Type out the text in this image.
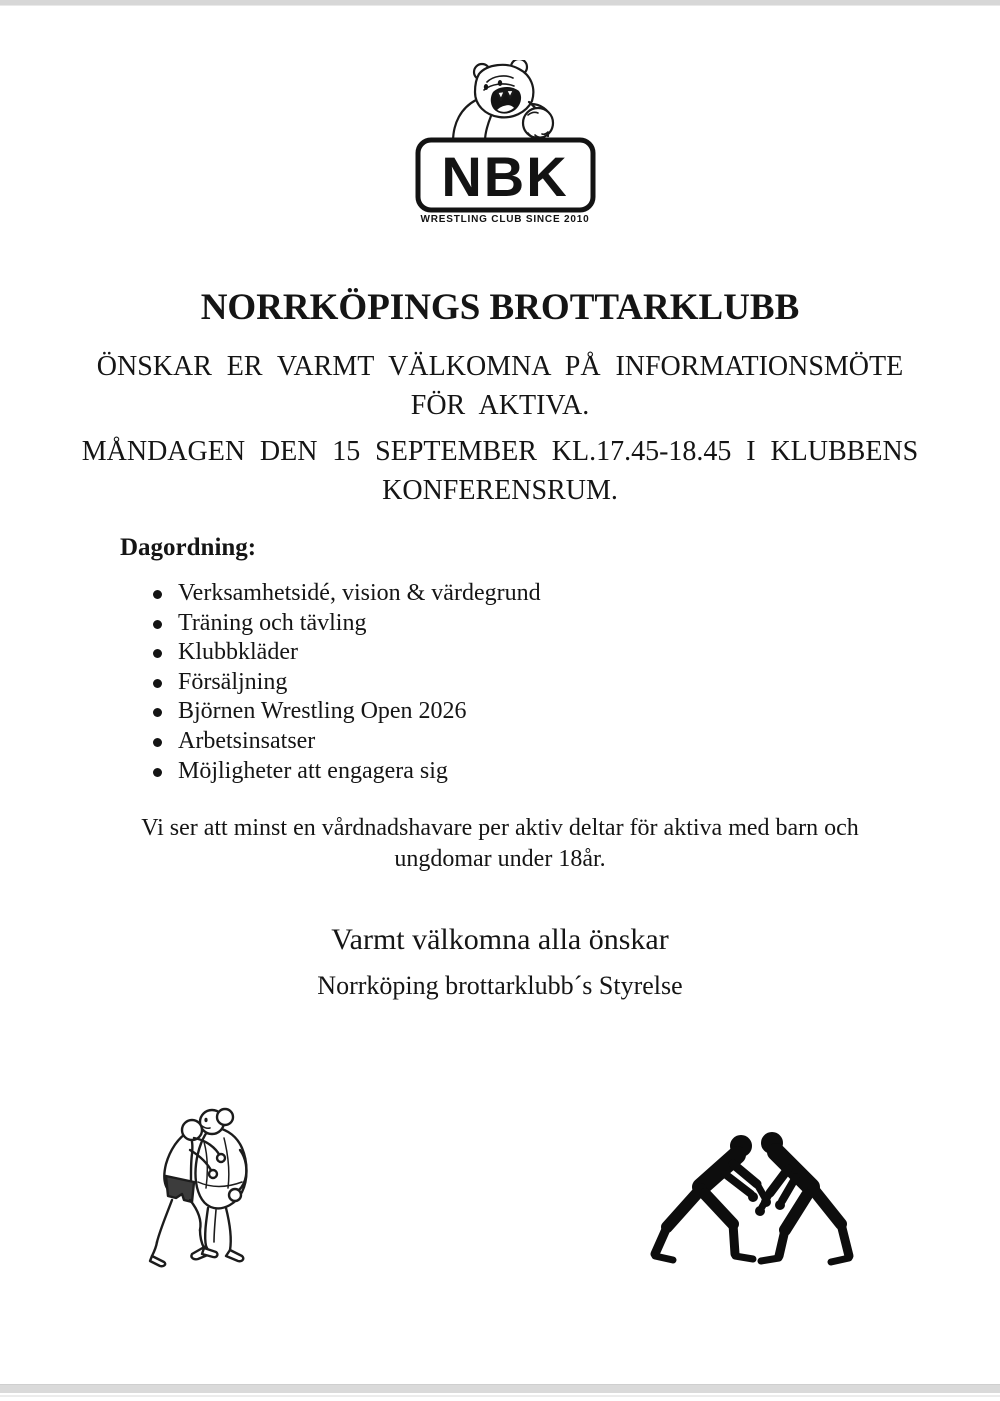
NBK
WRESTLING CLUB SINCE 2010
NORRKÖPINGS BROTTARKLUBB
ÖNSKAR ER VARMT VÄLKOMNA PÅ INFORMATIONSMÖTE
FÖR AKTIVA.
MÅNDAGEN DEN 15 SEPTEMBER KL.17.45-18.45 I KLUBBENS
KONFERENSRUM.
Dagordning:
Verksamhetsidé, vision & värdegrund
Träning och tävling
Klubbkläder
Försäljning
Björnen Wrestling Open 2026
Arbetsinsatser
Möjligheter att engagera sig
Vi ser att minst en vårdnadshavare per aktiv deltar för aktiva med barn och
ungdomar under 18år.
Varmt välkomna alla önskar
Norrköping brottarklubb´s Styrelse
